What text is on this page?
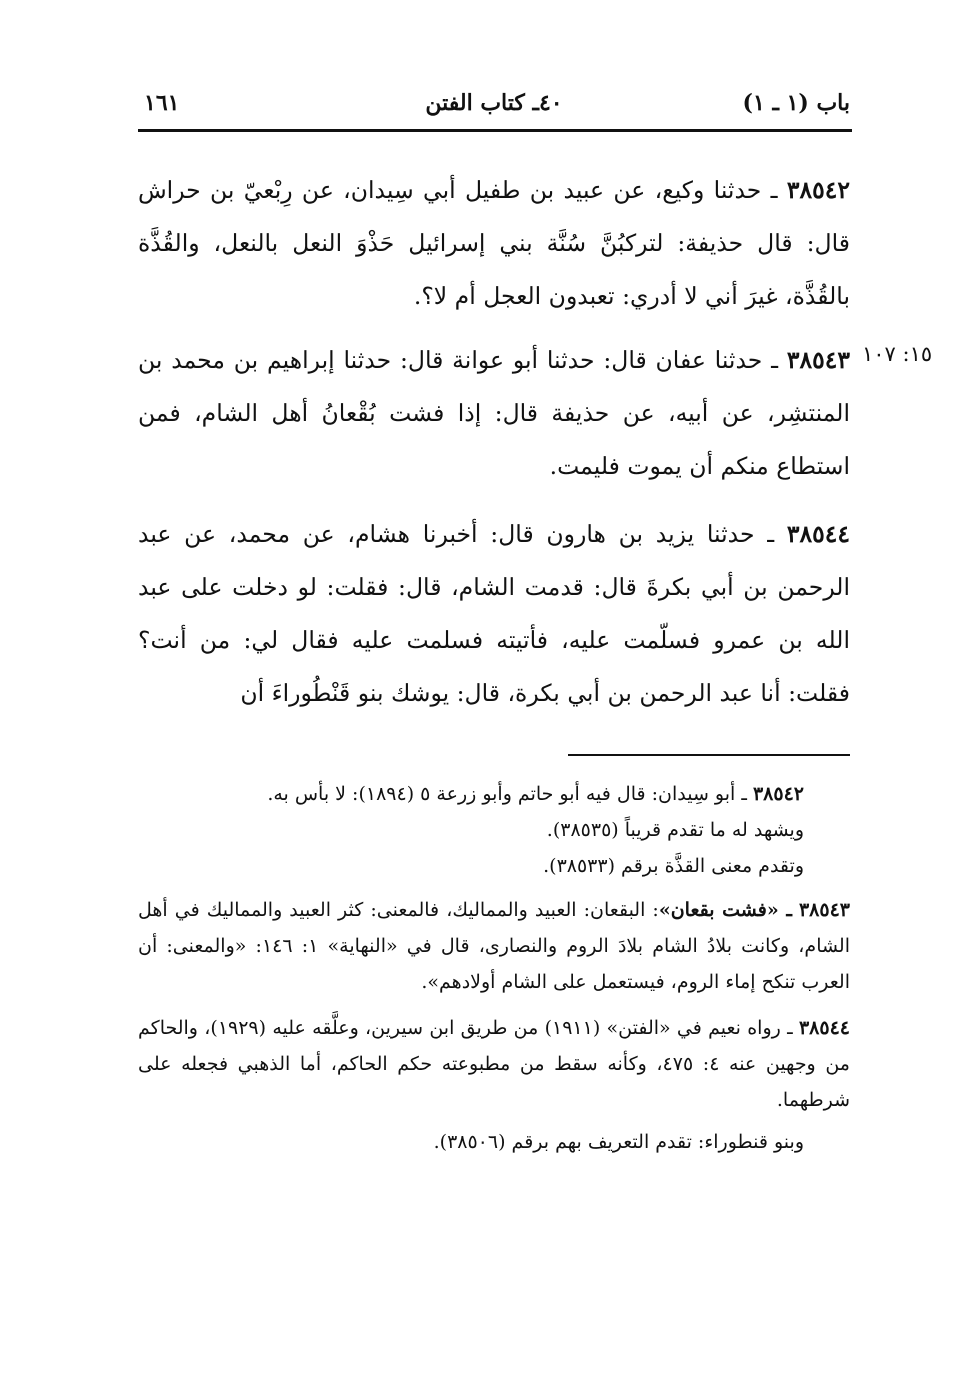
باب (١ ـ ١)
٤٠ـ كتاب الفتن
١٦١
٣٨٥٤٢ ـ حدثنا وكيع، عن عبيد بن طفيل أبي سِيدان، عن رِبْعيّ بن حراش قال: قال حذيفة: لتركبُنَّ سُنَّة بني إسرائيل حَذْوَ النعل بالنعل، والقُذَّة بالقُذَّة، غيرَ أني لا أدري: تعبدون العجل أم لا؟.
١٥: ١٠٧
٣٨٥٤٣ ـ حدثنا عفان قال: حدثنا أبو عوانة قال: حدثنا إبراهيم بن محمد بن المنتشِر، عن أبيه، عن حذيفة قال: إذا فشت بُقْعانُ أهل الشام، فمن استطاع منكم أن يموت فليمت.
٣٨٥٤٤ ـ حدثنا يزيد بن هارون قال: أخبرنا هشام، عن محمد، عن عبد الرحمن بن أبي بكرةَ قال: قدمت الشام، قال: فقلت: لو دخلت على عبد الله بن عمرو فسلّمت عليه، فأتيته فسلمت عليه فقال لي: من أنت؟ فقلت: أنا عبد الرحمن بن أبي بكرة، قال: يوشك بنو قَنْطُوراءَ أن

٣٨٥٤٢ ـ أبو سِيدان: قال فيه أبو حاتم وأبو زرعة ٥ (١٨٩٤): لا بأس به.

ويشهد له ما تقدم قريباً (٣٨٥٣٥).

وتقدم معنى القذَّة برقم (٣٨٥٣٣).

٣٨٥٤٣ ـ «فشت بقعان»: البقعان: العبيد والمماليك، فالمعنى: كثر العبيد والمماليك في أهل الشام، وكانت بلادُ الشام بلادَ الروم والنصارى، قال في «النهاية» ١: ١٤٦: «والمعنى: أن العرب تنكح إماء الروم، فيستعمل على الشام أولادهم».

٣٨٥٤٤ ـ رواه نعيم في «الفتن» (١٩١١) من طريق ابن سيرين، وعلَّقه عليه (١٩٢٩)، والحاكم من وجهين عنه ٤: ٤٧٥، وكأنه سقط من مطبوعته حكم الحاكم، أما الذهبي فجعله على شرطهما.

وبنو قنطوراء: تقدم التعريف بهم برقم (٣٨٥٠٦).
